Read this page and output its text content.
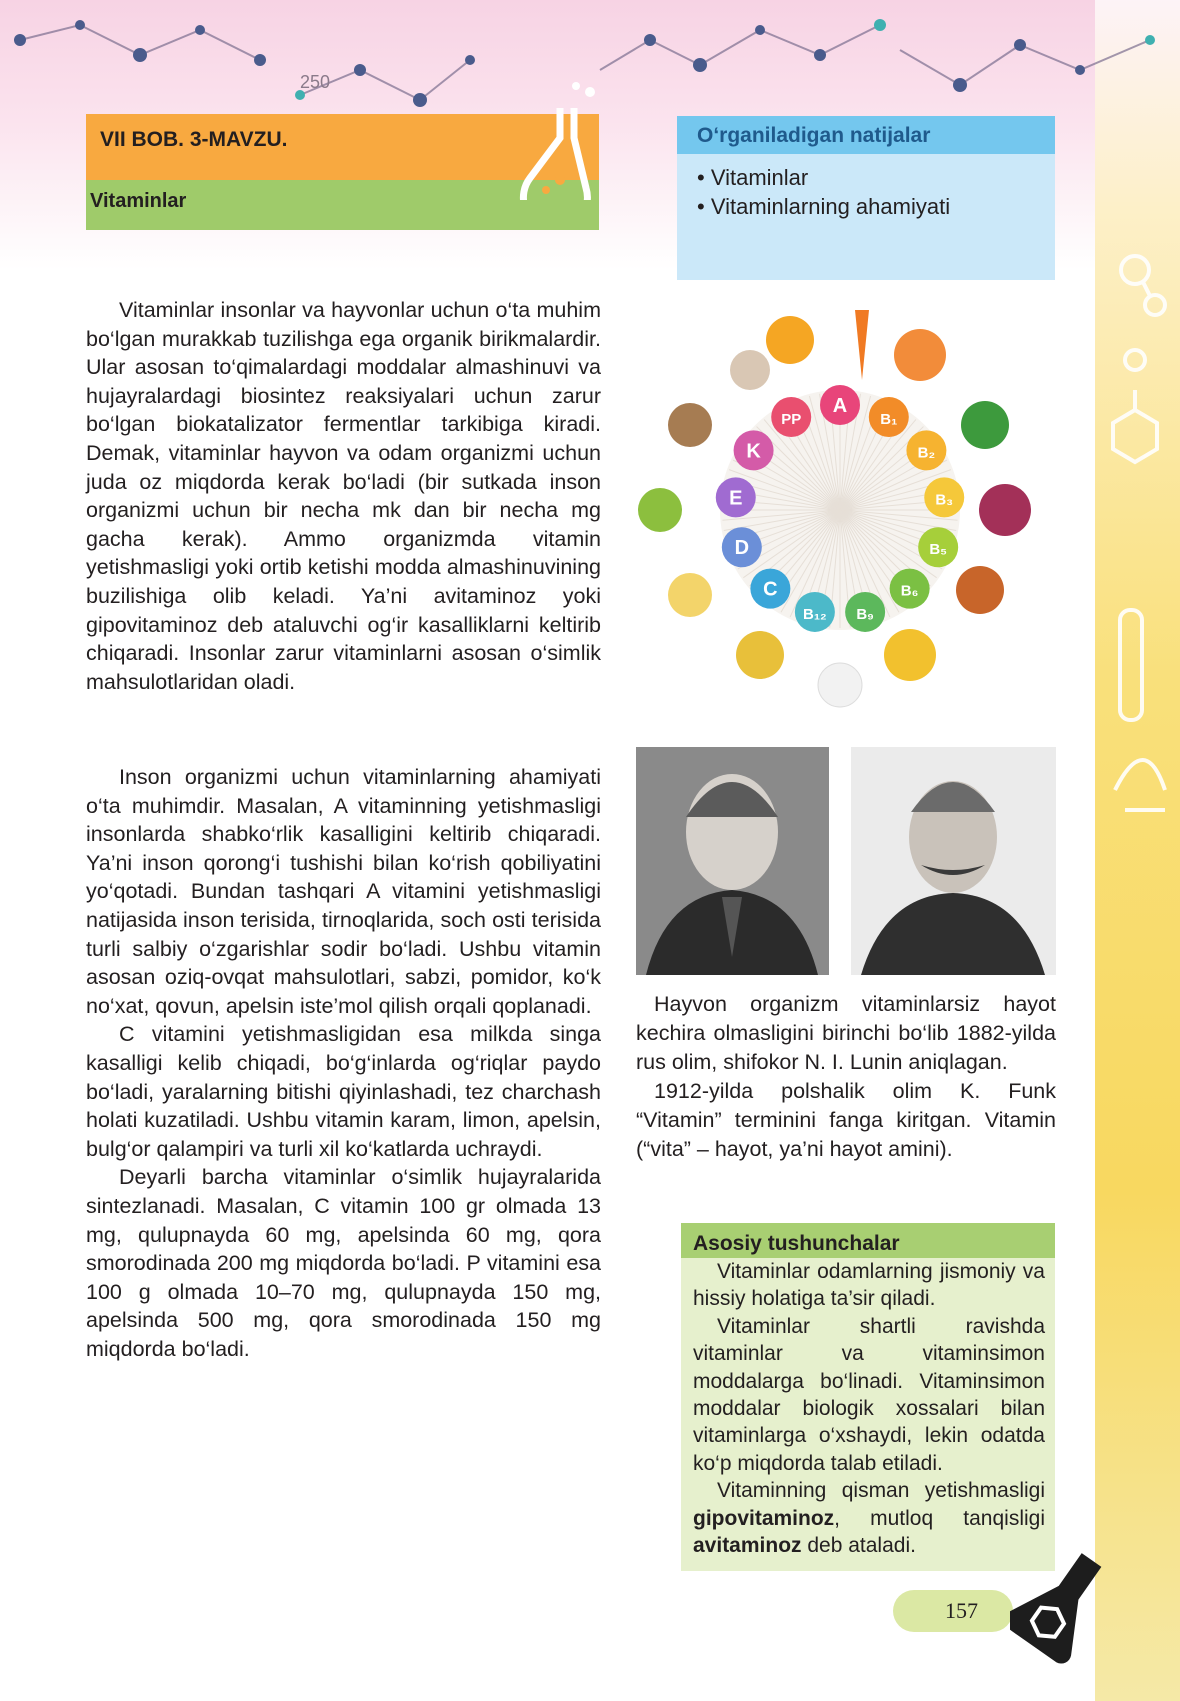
250
VII BOB. 3-MAVZU.
Vitaminlar
O‘rganiladigan natijalar
• Vitaminlar
• Vitaminlarning ahamiyati

Vitaminlar insonlar va hayvonlar uchun o‘ta muhim bo‘lgan murakkab tuzilishga ega organik birikmalardir. Ular asosan to‘qimalardagi moddalar almashinuvi va hujayralardagi biosintez reaksiyalari uchun zarur bo‘lgan biokatalizator fermentlar tarkibiga kiradi. Demak, vitaminlar hayvon va odam organizmi uchun juda oz miqdorda kerak bo‘ladi (bir sutkada inson organizmi uchun bir necha mk dan bir necha mg gacha kerak). Ammo organizmda vitamin yetishmasligi yoki ortib ketishi modda almashinuvining buzilishiga olib keladi. Ya’ni avitaminoz yoki gipovitaminoz deb ataluvchi og‘ir kasalliklarni keltirib chiqaradi. Insonlar zarur vitaminlarni asosan o‘simlik mahsulotlaridan oladi.

Inson organizmi uchun vitaminlarning ahamiyati o‘ta muhimdir. Masalan, A vitaminning yetishmasligi insonlarda shabko‘rlik kasalligini keltirib chiqaradi. Ya’ni inson qorong‘i tushishi bilan ko‘rish qobiliyatini yo‘qotadi. Bundan tashqari A vitamini yetishmasligi natijasida inson terisida, tirnoqlarida, soch osti terisida turli salbiy o‘zgarishlar sodir bo‘ladi. Ushbu vitamin asosan oziq-ovqat mahsulotlari, sabzi, pomidor, ko‘k no‘xat, qovun, apelsin iste’mol qilish orqali qoplanadi.

C vitamini yetishmasligidan esa milkda singa kasalligi kelib chiqadi, bo‘g‘inlarda og‘riqlar paydo bo‘ladi, yaralarning bitishi qiyinlashadi, tez charchash holati kuzatiladi. Ushbu vitamin karam, limon, apelsin, bulg‘or qalampiri va turli xil ko‘katlarda uchraydi.

Deyarli barcha vitaminlar o‘simlik hujayralarida sintezlanadi. Masalan, C vitamin 100 gr olmada 13 mg, qulupnayda 60 mg, apelsinda 60 mg, qora smorodinada 200 mg miqdorda bo‘ladi. P vitamini esa 100 g olmada 10–70 mg, qulupnayda 150 mg, apelsinda 500 mg, qora smorodinada 150 mg miqdorda bo‘ladi.

A
B₁
B₂
B₃
B₅
B₆
B₉
B₁₂
C
D
E
K
PP

Hayvon organizm vitaminlarsiz hayot kechira olmasligini birinchi bo‘lib 1882-yilda rus olim, shifokor N. I. Lunin aniqlagan.

1912-yilda polshalik olim K. Funk “Vitamin” terminini fanga kiritgan. Vitamin (“vita” – hayot, ya’ni hayot amini).

Asosiy tushunchalar

Vitaminlar odamlarning jismoniy va hissiy holatiga ta’sir qiladi.

Vitaminlar shartli ravishda vitaminlar va vitaminsimon moddalarga bo‘linadi. Vitaminsimon moddalar biologik xossalari bilan vitaminlarga o‘xshaydi, lekin odatda ko‘p miqdorda talab etiladi.

Vitaminning qisman yetishmasligi gipovitaminoz, mutloq tanqisligi avitaminoz deb ataladi.

157
